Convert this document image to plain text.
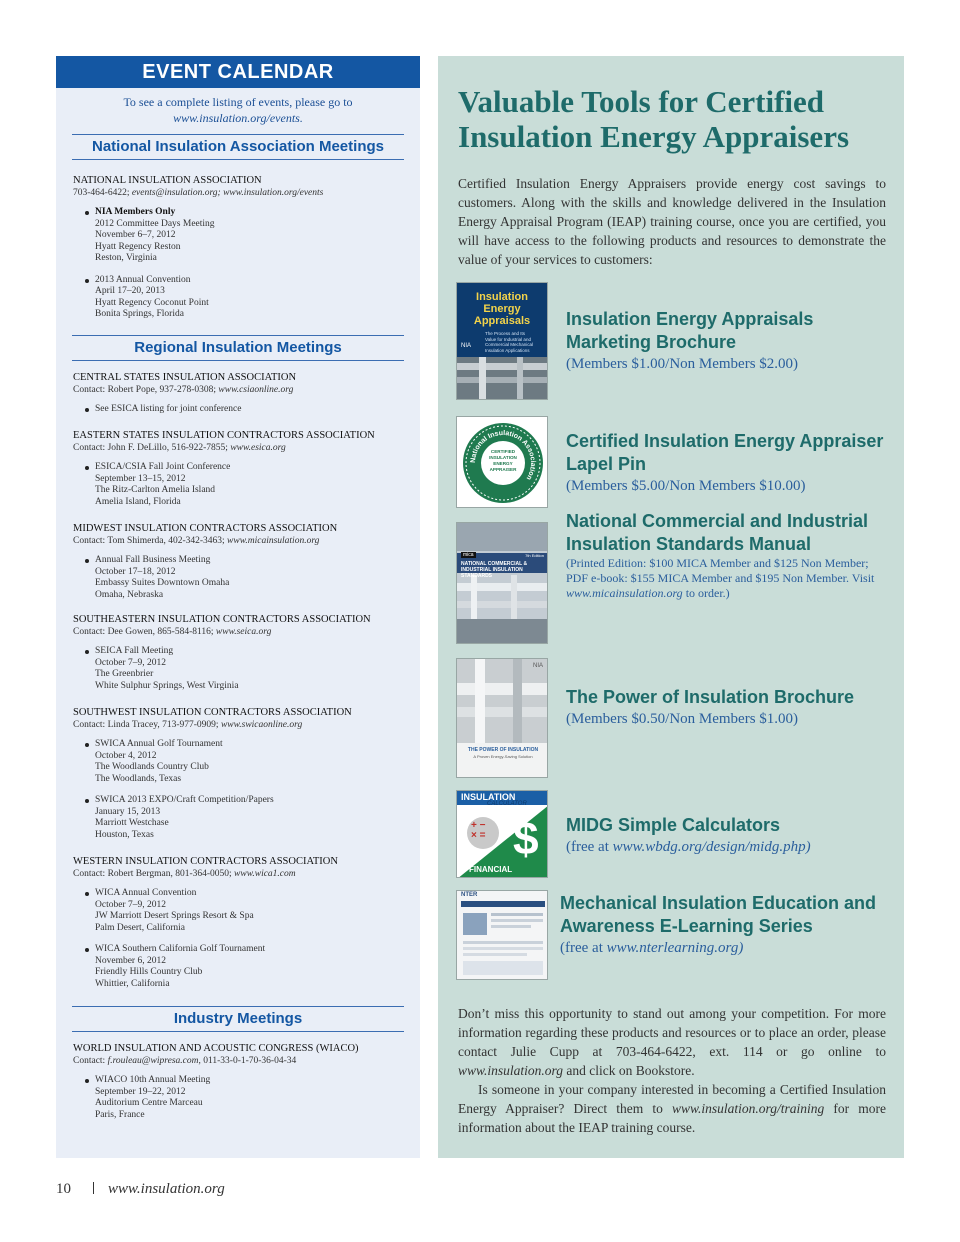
EVENT CALENDAR
To see a complete listing of events, please go to
www.insulation.org/events.
National Insulation Association Meetings
NATIONAL INSULATION ASSOCIATION
703-464-6422; events@insulation.org; www.insulation.org/events
NIA Members Only
2012 Committee Days Meeting
November 6–7, 2012
Hyatt Regency Reston
Reston, Virginia
2013 Annual Convention
April 17–20, 2013
Hyatt Regency Coconut Point
Bonita Springs, Florida
Regional Insulation Meetings
CENTRAL STATES INSULATION ASSOCIATION
Contact: Robert Pope, 937-278-0308; www.csiaonline.org
See ESICA listing for joint conference
EASTERN STATES INSULATION CONTRACTORS ASSOCIATION
Contact: John F. DeLillo, 516-922-7855; www.esica.org
ESICA/CSIA Fall Joint Conference
September 13–15, 2012
The Ritz-Carlton Amelia Island
Amelia Island, Florida
MIDWEST INSULATION CONTRACTORS ASSOCIATION
Contact: Tom Shimerda, 402-342-3463; www.micainsulation.org
Annual Fall Business Meeting
October 17–18, 2012
Embassy Suites Downtown Omaha
Omaha, Nebraska
SOUTHEASTERN INSULATION CONTRACTORS ASSOCIATION
Contact: Dee Gowen, 865-584-8116; www.seica.org
SEICA Fall Meeting
October 7–9, 2012
The Greenbrier
White Sulphur Springs, West Virginia
SOUTHWEST INSULATION CONTRACTORS ASSOCIATION
Contact: Linda Tracey, 713-977-0909; www.swicaonline.org
SWICA Annual Golf Tournament
October 4, 2012
The Woodlands Country Club
The Woodlands, Texas
SWICA 2013 EXPO/Craft Competition/Papers
January 15, 2013
Marriott Westchase
Houston, Texas
WESTERN INSULATION CONTRACTORS ASSOCIATION
Contact: Robert Bergman, 801-364-0050; www.wica1.com
WICA Annual Convention
October 7–9, 2012
JW Marriott Desert Springs Resort & Spa
Palm Desert, California
WICA Southern California Golf Tournament
November 6, 2012
Friendly Hills Country Club
Whittier, California
Industry Meetings
WORLD INSULATION AND ACOUSTIC CONGRESS (WIACO)
Contact: f.rouleau@wipresa.com, 011-33-0-1-70-36-04-34
WIACO 10th Annual Meeting
September 19–22, 2012
Auditorium Centre Marceau
Paris, France
Valuable Tools for Certified
Insulation Energy Appraisers

Certified Insulation Energy Appraisers provide energy cost savings to customers. Along with the skills and knowledge delivered in the Insulation Energy Appraisal Program (IEAP) training course, once you are certified, you will have access to the following products and resources to demonstrate the value of your services to customers:

Insulation Energy Appraisals
The Process and Its Value for Industrial and Commercial Mechanical Insulation Applications
NIA
Insulation Energy Appraisals Marketing Brochure
(Members $1.00/Non Members $2.00)
National Insulation Association
CERTIFIED INSULATION ENERGY APPRAISER
Certified Insulation Energy Appraiser Lapel Pin
(Members $5.00/Non Members $10.00)
mica	7th Edition
NATIONAL COMMERCIAL & INDUSTRIAL INSULATION STANDARDS
National Commercial and Industrial Insulation Standards Manual
(Printed Edition: $100 MICA Member and $125 Non Member; PDF e-book: $155 MICA Member and $195 Non Member. Visit www.micainsulation.org to order.)
NIA
THE POWER OF INSULATION
A Proven Energy-Saving Solution
The Power of Insulation Brochure
(Members $0.50/Non Members $1.00)
INSULATION
CALCULATOR
+ −
× = $
FINANCIAL
MIDG Simple Calculators
(free at www.wbdg.org/design/midg.php)
NTER	Mechanical Insulation Education and Awareness E-Learning Series
(free at www.nterlearning.org)

Don’t miss this opportunity to stand out among your competition. For more information regarding these products and resources or to place an order, please contact Julie Cupp at 703-464-6422, ext. 114 or go online to www.insulation.org and click on Bookstore.

Is someone in your company interested in becoming a Certified Insulation Energy Appraiser? Direct them to www.insulation.org/training for more information about the IEAP training course.

10 www.insulation.org
